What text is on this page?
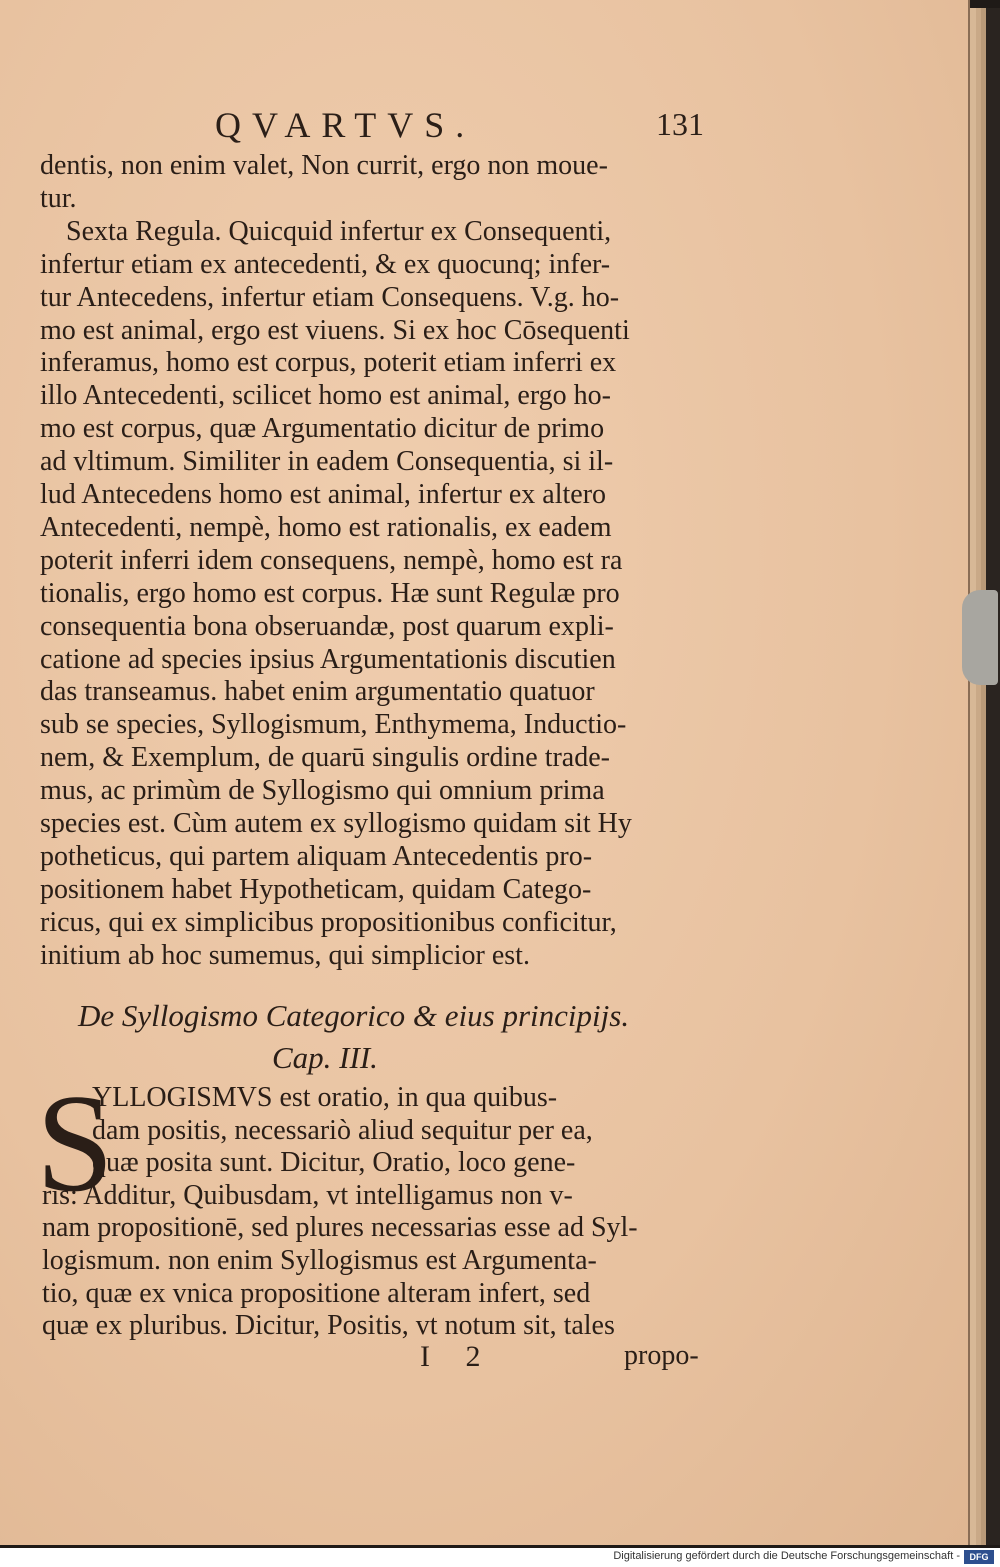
QVARTVS.	131
dentis, non enim valet, Non currit, ergo non moue-
tur.
Sexta Regula. Quicquid infertur ex Consequenti,
infertur etiam ex antecedenti, & ex quocunq; infer-
tur Antecedens, infertur etiam Consequens. V.g. ho-
mo est animal, ergo est viuens. Si ex hoc Cōsequenti
inferamus, homo est corpus, poterit etiam inferri ex
illo Antecedenti, scilicet homo est animal, ergo ho-
mo est corpus, quæ Argumentatio dicitur de primo
ad vltimum. Similiter in eadem Consequentia, si il-
lud Antecedens homo est animal, infertur ex altero
Antecedenti, nempè, homo est rationalis, ex eadem
poterit inferri idem consequens, nempè, homo est ra
tionalis, ergo homo est corpus. Hæ sunt Regulæ pro
consequentia bona obseruandæ, post quarum expli-
catione ad species ipsius Argumentationis discutien
das transeamus. habet enim argumentatio quatuor
sub se species, Syllogismum, Enthymema, Inductio-
nem, & Exemplum, de quarū singulis ordine trade-
mus, ac primùm de Syllogismo qui omnium prima
species est. Cùm autem ex syllogismo quidam sit Hy
potheticus, qui partem aliquam Antecedentis pro-
positionem habet Hypotheticam, quidam Catego-
ricus, qui ex simplicibus propositionibus conficitur,
initium ab hoc sumemus, qui simplicior est.
De Syllogismo Categorico & eius principijs.
Cap. III.
S
YLLOGISMVS est oratio, in qua quibus-
dam positis, necessariò aliud sequitur per ea,
quæ posita sunt. Dicitur, Oratio, loco gene-
ris: Additur, Quibusdam, vt intelligamus non v-
nam propositionē, sed plures necessarias esse ad Syl-
logismum. non enim Syllogismus est Argumenta-
tio, quæ ex vnica propositione alteram infert, sed
quæ ex pluribus. Dicitur, Positis, vt notum sit, tales
I 2	propo-
Digitalisierung gefördert durch die Deutsche Forschungsgemeinschaft -	DFG
